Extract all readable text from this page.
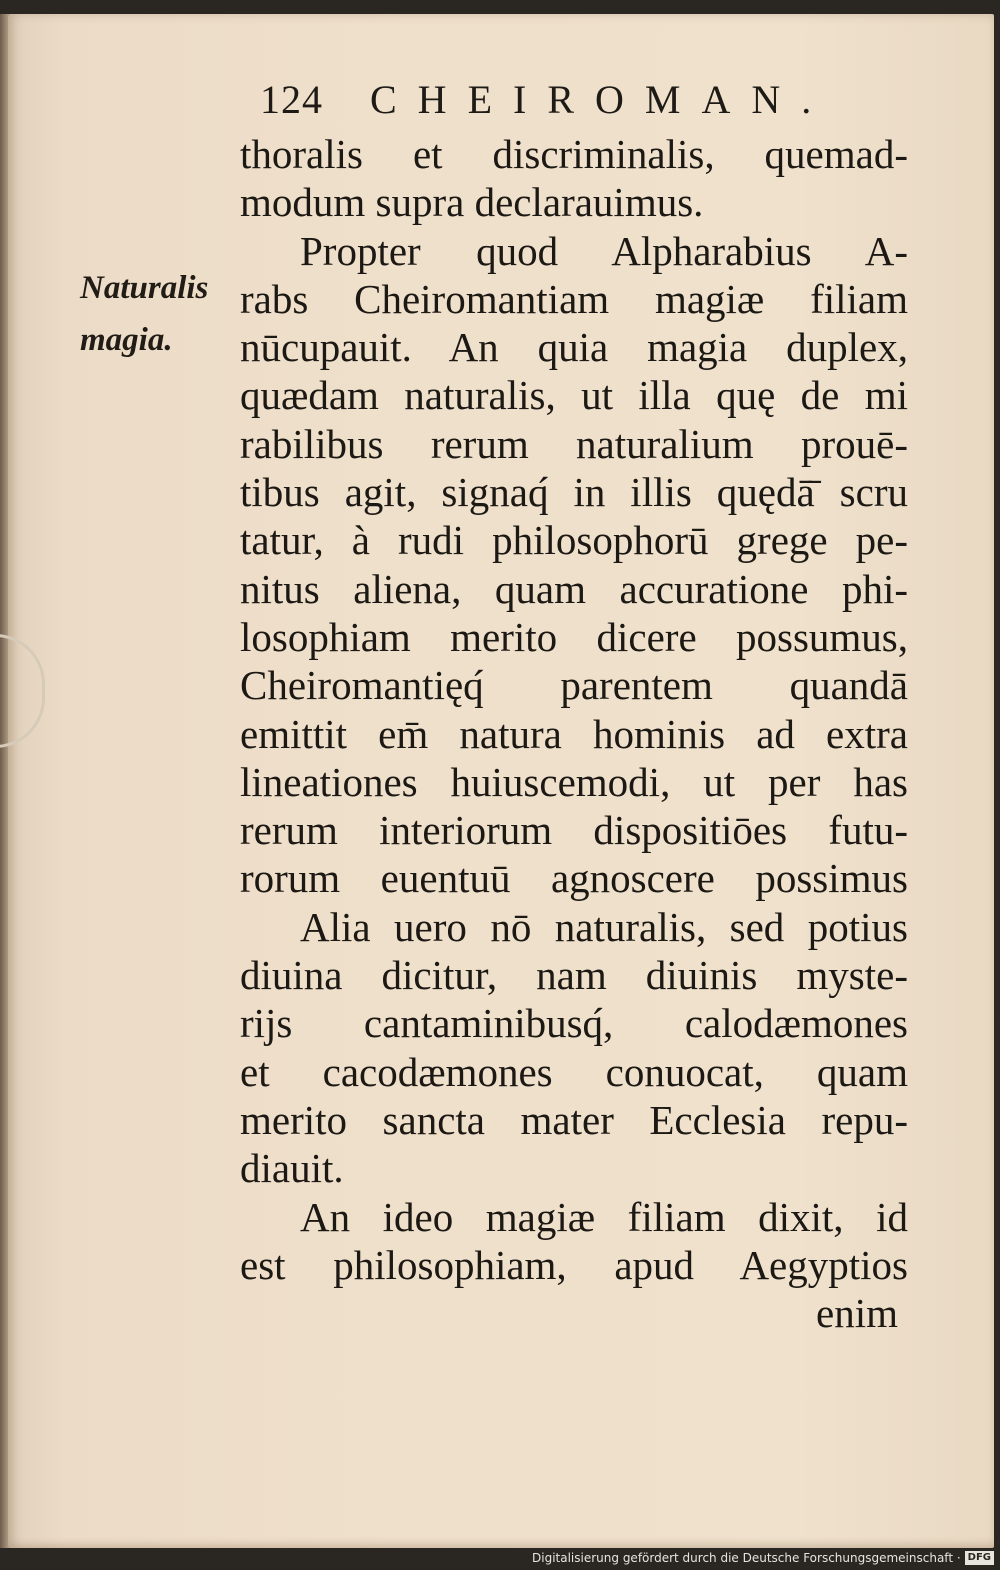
124 CHEIROMAN.
Naturalis
magia.
thoralis et discriminalis, quemad-
modum supra declarauimus.
Propter quod Alpharabius A-
rabs Cheiromantiam magiæ filiam
nūcupauit. An quia magia duplex,
quædam naturalis, ut illa quę de mi
rabilibus rerum naturalium prouē-
tibus agit, signaq́ in illis quędā̄ scru
tatur, à rudi philosophorū grege pe-
nitus aliena, quam accuratione phi-
losophiam merito dicere possumus,
Cheiromantięq́ parentem quandā
emittit em̄ natura hominis ad extra
lineationes huiuscemodi, ut per has
rerum interiorum dispositiōes futu-
rorum euentuū agnoscere possimus
Alia uero nō naturalis, sed potius
diuina dicitur, nam diuinis myste-
rijs cantaminibusq́, calodæmones
et cacodæmones conuocat, quam
merito sancta mater Ecclesia repu-
diauit.
An ideo magiæ filiam dixit, id
est philosophiam, apud Aegyptios
enim
Digitalisierung gefördert durch die Deutsche Forschungsgemeinschaft · DFG
